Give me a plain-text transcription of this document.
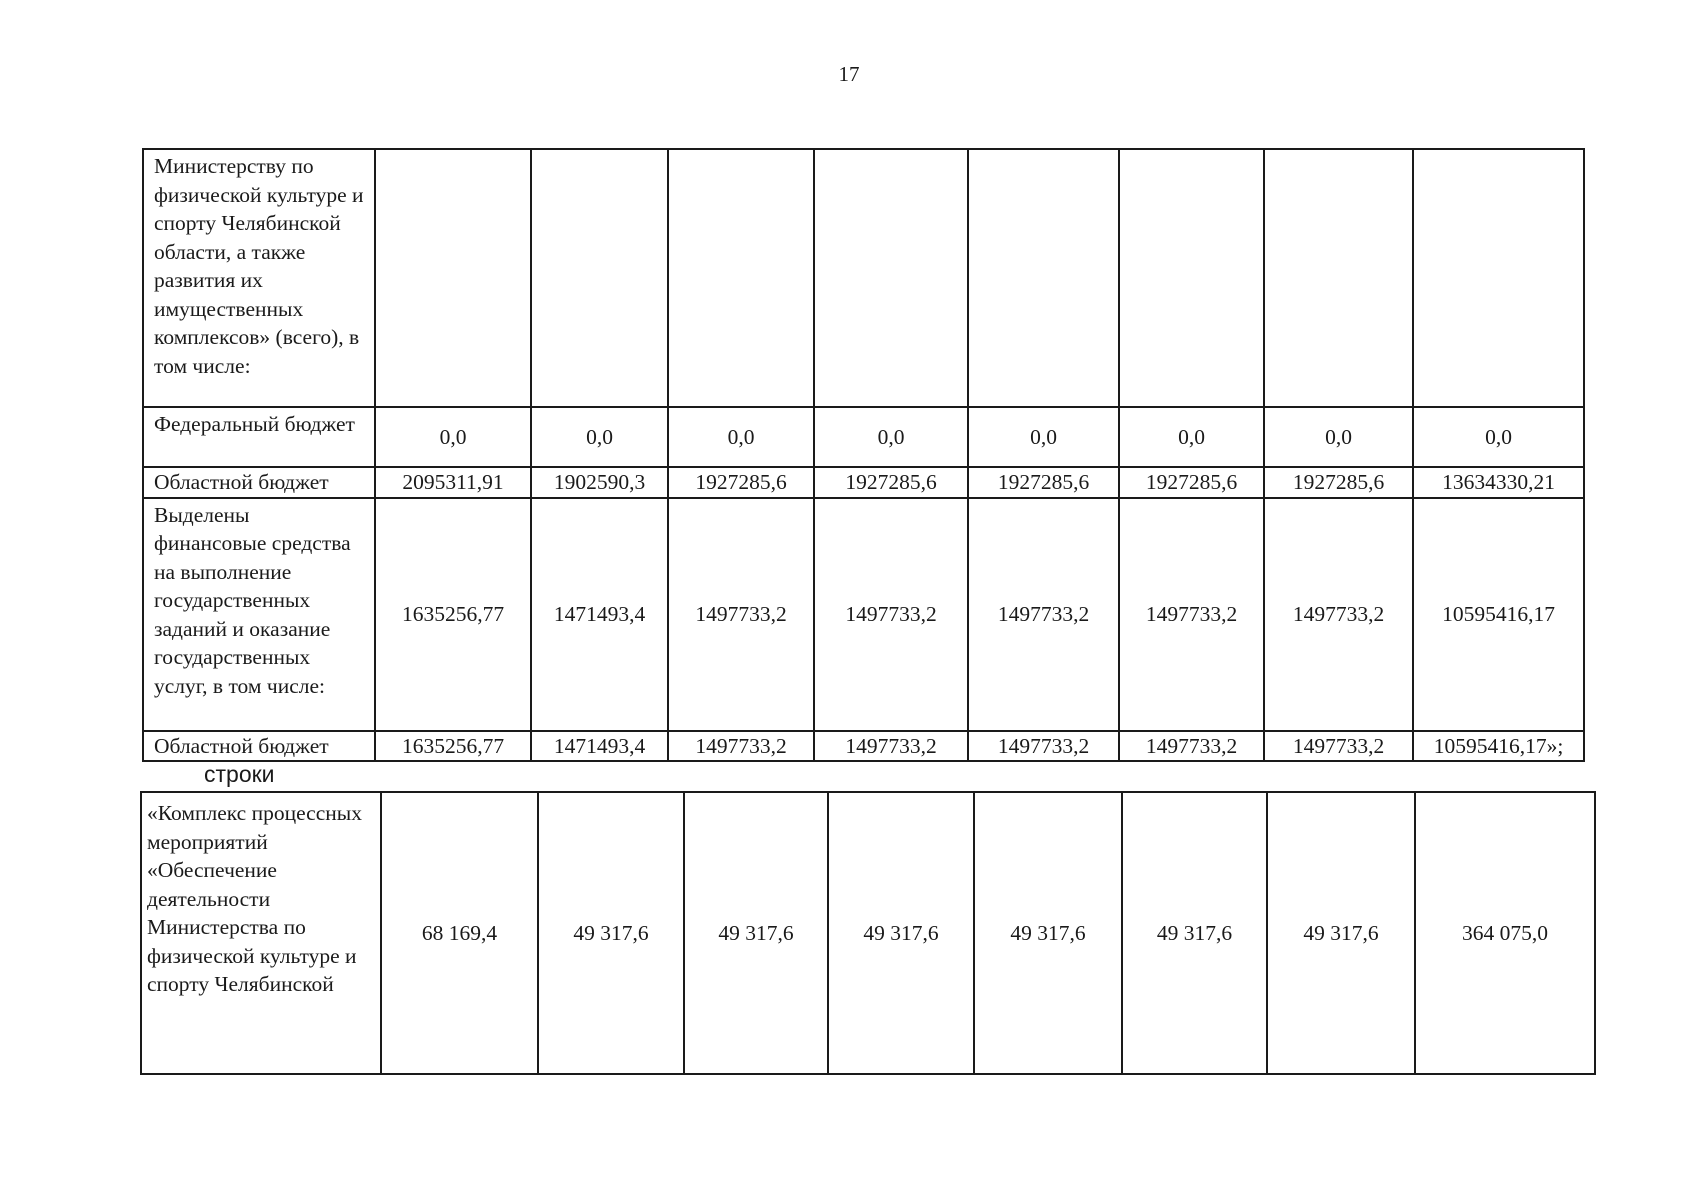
17
Министерству по физической культуре и спорту Челябинской области, а также развития их имущественных комплексов» (всего), в том числе:								
Федеральный бюджет	0,0	0,0	0,0	0,0	0,0	0,0	0,0	0,0
Областной бюджет	2095311,91	1902590,3	1927285,6	1927285,6	1927285,6	1927285,6	1927285,6	13634330,21
Выделены финансовые средства на выполнение государственных заданий и оказание государственных услуг, в том числе:	1635256,77	1471493,4	1497733,2	1497733,2	1497733,2	1497733,2	1497733,2	10595416,17
Областной бюджет	1635256,77	1471493,4	1497733,2	1497733,2	1497733,2	1497733,2	1497733,2	10595416,17»;
строки
«Комплекс процессных мероприятий «Обеспечение деятельности Министерства по физической культуре и спорту Челябинской	68 169,4	49 317,6	49 317,6	49 317,6	49 317,6	49 317,6	49 317,6	364 075,0
